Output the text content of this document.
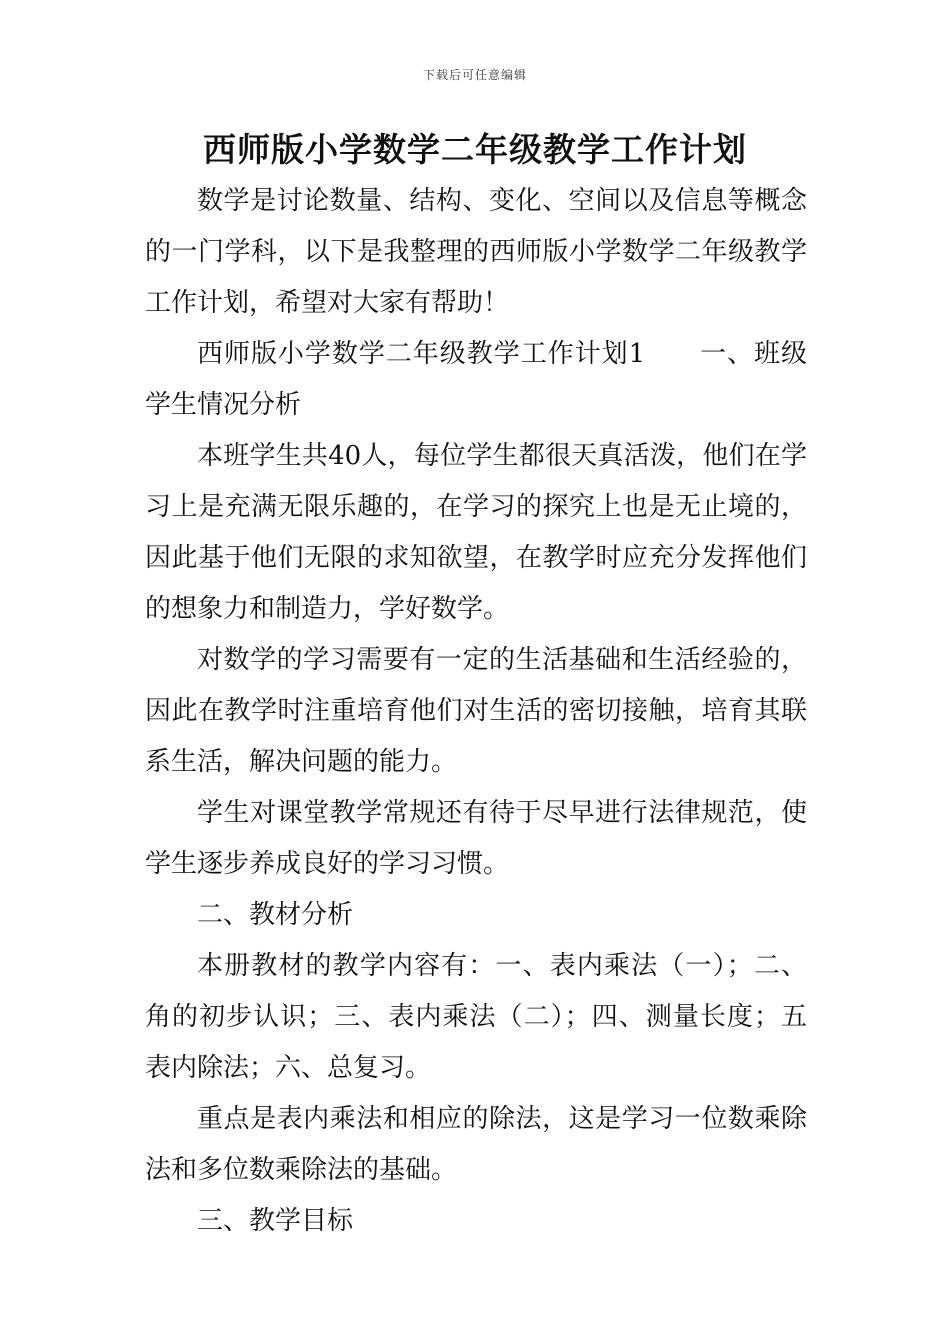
下载后可任意编辑
西师版小学数学二年级教学工作计划

数学是讨论数量、结构、变化、空间以及信息等概念的一门学科，以下是我整理的西师版小学数学二年级教学工作计划，希望对大家有帮助！

西师版小学数学二年级教学工作计划1　　一、班级学生情况分析

本班学生共40人，每位学生都很天真活泼，他们在学习上是充满无限乐趣的，在学习的探究上也是无止境的，因此基于他们无限的求知欲望，在教学时应充分发挥他们的想象力和制造力，学好数学。

对数学的学习需要有一定的生活基础和生活经验的，因此在教学时注重培育他们对生活的密切接触，培育其联系生活，解决问题的能力。

学生对课堂教学常规还有待于尽早进行法律规范，使学生逐步养成良好的学习习惯。

二、教材分析

本册教材的教学内容有：一、表内乘法（一）；二、角的初步认识；三、表内乘法（二）；四、测量长度；五表内除法；六、总复习。

重点是表内乘法和相应的除法，这是学习一位数乘除法和多位数乘除法的基础。

三、教学目标
